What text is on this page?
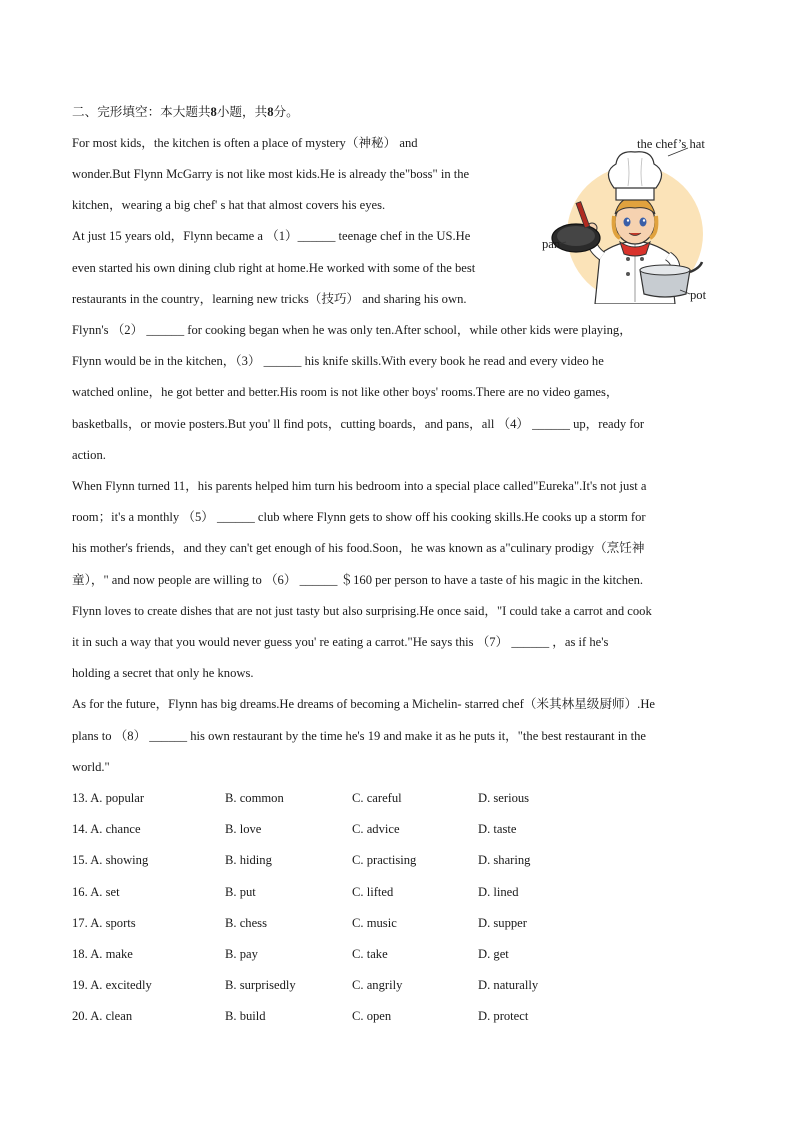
二、完形填空：本大题共8小题，共8分。
For most kids，the kitchen is often a place of mystery（神秘） and
wonder.But Flynn McGarry is not like most kids.He is already the"boss" in the
kitchen，wearing a big chef' s hat that almost covers his eyes.
At just 15 years old，Flynn became a （1）______ teenage chef in the US.He
even started his own dining club right at home.He worked with some of the best
restaurants in the country，learning new tricks（技巧） and sharing his own.
Flynn's （2） ______ for cooking began when he was only ten.After school，while other kids were playing，
Flynn would be in the kitchen，（3） ______ his knife skills.With every book he read and every video he
watched online，he got better and better.His room is not like other boys' rooms.There are no video games，
basketballs，or movie posters.But you' ll find pots，cutting boards，and pans，all （4） ______ up，ready for
action.
When Flynn turned 11，his parents helped him turn his bedroom into a special place called"Eureka".It's not just a
room；it's a monthly （5） ______ club where Flynn gets to show off his cooking skills.He cooks up a storm for
his mother's friends，and they can't get enough of his food.Soon，he was known as a"culinary prodigy（烹饪神
童），" and now people are willing to （6） ______ ＄160 per person to have a taste of his magic in the kitchen.
Flynn loves to create dishes that are not just tasty but also surprising.He once said，"I could take a carrot and cook
it in such a way that you would never guess you' re eating a carrot."He says this （7） ______ ，as if he's
holding a secret that only he knows.
As for the future，Flynn has big dreams.He dreams of becoming a Michelin- starred chef（米其林星级厨师）.He
plans to （8） ______ his own restaurant by the time he's 19 and make it as he puts it，"the best restaurant in the
world."
the chef’s hat
pan
pot
13. A. popular	B. common	C. careful	D. serious
14. A. chance	B. love	C. advice	D. taste
15. A. showing	B. hiding	C. practising	D. sharing
16. A. set	B. put	C. lifted	D. lined
17. A. sports	B. chess	C. music	D. supper
18. A. make	B. pay	C. take	D. get
19. A. excitedly	B. surprisedly	C. angrily	D. naturally
20. A. clean	B. build	C. open	D. protect
